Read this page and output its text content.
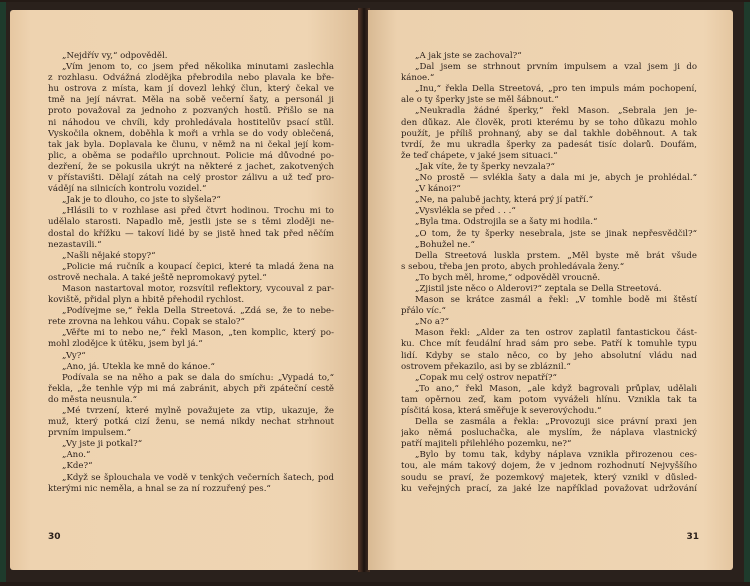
„Nejdřív vy,“ odpověděl.
„Vím jenom to, co jsem před několika minutami zaslechla
z rozhlasu. Odvážná zlodějka přebrodila nebo plavala ke bře-
hu ostrova z místa, kam jí dovezl lehký člun, který čekal ve
tmě na její návrat. Měla na sobě večerní šaty, a personál ji
proto považoval za jednoho z pozvaných hostů. Přišlo se na
ni náhodou ve chvíli, kdy prohledávala hostitelův psací stůl.
Vyskočila oknem, doběhla k moři a vrhla se do vody oblečená,
tak jak byla. Doplavala ke člunu, v němž na ni čekal její kom-
plic, a oběma se podařilo uprchnout. Policie má důvodné po-
dezření, že se pokusila ukrýt na některé z jachet, zakotvených
v přístavišti. Dělají zátah na celý prostor zálivu a už teď pro-
vádějí na silnicích kontrolu vozidel.“
„Jak je to dlouho, co jste to slyšela?“
„Hlásili to v rozhlase asi před čtvrt hodinou. Trochu mi to
udělalo starosti. Napadlo mě, jestli jste se s těmi zloději ne-
dostal do křížku — takoví lidé by se jistě hned tak před něčím
nezastavili.“
„Našli nějaké stopy?“
„Policie má ručník a koupací čepici, které ta mladá žena na
ostrově nechala. A také ještě nepromokavý pytel.“
Mason nastartoval motor, rozsvítil reflektory, vycouval z par-
koviště, přidal plyn a hbitě přehodil rychlost.
„Podívejme se,“ řekla Della Streetová. „Zdá se, že to nebe-
rete zrovna na lehkou váhu. Copak se stalo?“
„Věřte mi to nebo ne,“ řekl Mason, „ten komplic, který po-
mohl zlodějce k útěku, jsem byl já.“
„Vy?“
„Ano, já. Utekla ke mně do kánoe.“
Podívala se na něho a pak se dala do smíchu: „Vypadá to,“
řekla, „že tenhle výp mi má zabránit, abych při zpáteční cestě
do města neusnula.“
„Mé tvrzení, které mylně považujete za vtip, ukazuje, že
muž, který potká cizí ženu, se nemá nikdy nechat strhnout
prvním impulsem.“
„Vy jste ji potkal?“
„Ano.“
„Kde?“
„Když se šplouchala ve vodě v tenkých večerních šatech, pod
kterými nic neměla, a hnal se za ní rozzuřený pes.“
30
„A jak jste se zachoval?“
„Dal jsem se strhnout prvním impulsem a vzal jsem ji do
kánoe.“
„Inu,“ řekla Della Streetová, „pro ten impuls mám pochopení,
ale o ty šperky jste se měl šábnout.“
„Neukradla žádné šperky,“ řekl Mason. „Sebrala jen je-
den důkaz. Ale člověk, proti kterému by se toho důkazu mohlo
použít, je příliš prohnaný, aby se dal takhle doběhnout. A tak
tvrdí, že mu ukradla šperky za padesát tisíc dolarů. Doufám,
že teď chápete, v jaké jsem situaci.“
„Jak víte, že ty šperky nevzala?“
„No prostě — svlékla šaty a dala mi je, abych je prohlédal.“
„V kánoi?“
„Ne, na palubě jachty, která prý jí patří.“
„Vysvlékla se před . . .“
„Byla tma. Odstrojila se a šaty mi hodila.“
„O tom, že ty šperky nesebrala, jste se jinak nepřesvědčil?“
„Bohužel ne.“
Della Streetová luskla prstem. „Měl byste mě brát všude
s sebou, třeba jen proto, abych prohledávala ženy.“
„To bych měl, hrome,“ odpověděl vroucně.
„Zjistil jste něco o Alderovi?“ zeptala se Della Streetová.
Mason se krátce zasmál a řekl: „V tomhle bodě mi štěstí
přálo víc.“
„No a?“
Mason řekl: „Alder za ten ostrov zaplatil fantastickou část-
ku. Chce mít feudální hrad sám pro sebe. Patří k tomuhle typu
lidí. Kdyby se stalo něco, co by jeho absolutní vládu nad
ostrovem překazilo, asi by se zbláznil.“
„Copak mu celý ostrov nepatří?“
„To ano,“ řekl Mason, „ale když bagrovali průplav, udělali
tam opěrnou zeď, kam potom vyváželi hlínu. Vznikla tak ta
písčitá kosa, která směřuje k severovýchodu.“
Della se zasmála a řekla: „Provozuji sice právní praxi jen
jako němá posluchačka, ale myslím, že náplava vlastnický
patří majiteli přilehlého pozemku, ne?“
„Bylo by tomu tak, kdyby náplava vznikla přirozenou ces-
tou, ale mám takový dojem, že v jednom rozhodnutí Nejvyššího
soudu se praví, že pozemkový majetek, který vznikl v důsled-
ku veřejných prací, za jaké lze například považovat udržování
31
